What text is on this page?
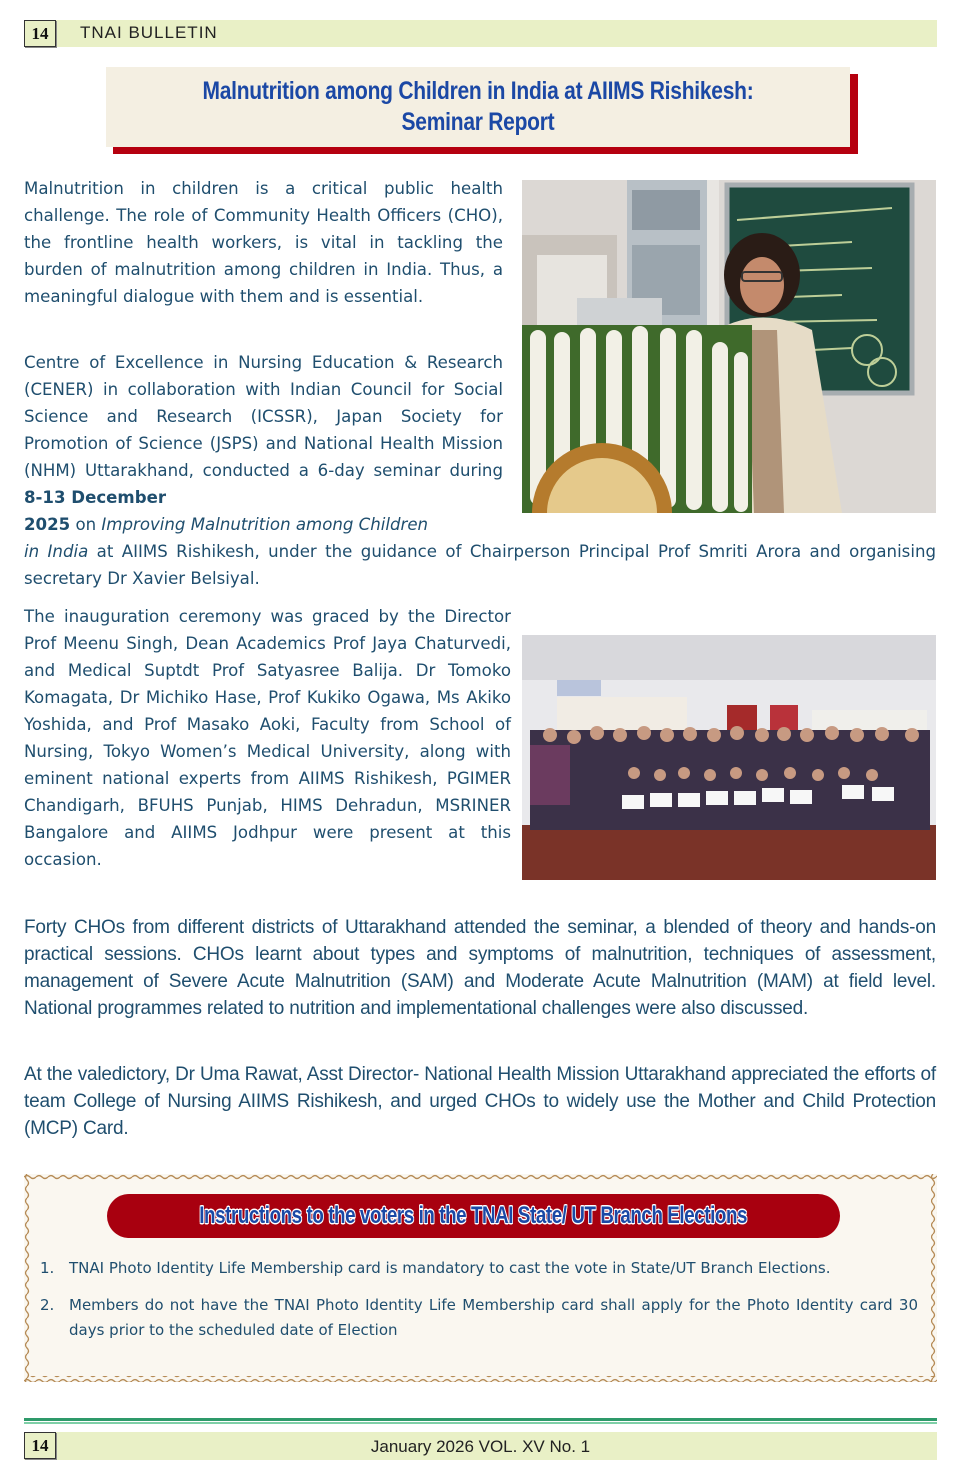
14	TNAI BULLETIN
Malnutrition among Children in India at AIIMS Rishikesh:
Seminar Report

Malnutrition in children is a critical public health challenge. The role of Community Health Officers (CHO), the frontline health workers, is vital in tackling the burden of malnutrition among children in India. Thus, a meaningful dialogue with them and is essential.

Centre of Excellence in Nursing Education & Research (CENER) in collaboration with Indian Council for Social Science and Research (ICSSR), Japan Society for Promotion of Science (JSPS) and National Health Mission (NHM) Uttarakhand, conducted a 6-day seminar during 8-13 December

2025 on Improving Malnutrition among Children

in India at AIIMS Rishikesh, under the guidance of Chairperson Principal Prof Smriti Arora and organising secretary Dr Xavier Belsiyal.

The inauguration ceremony was graced by the Director Prof Meenu Singh, Dean Academics Prof Jaya Chaturvedi, and Medical Suptdt Prof Satyasree Balija. Dr Tomoko Komagata, Dr Michiko Hase, Prof Kukiko Ogawa, Ms Akiko Yoshida, and Prof Masako Aoki, Faculty from School of Nursing, Tokyo Women’s Medical University, along with eminent national experts from AIIMS Rishikesh, PGIMER Chandigarh, BFUHS Punjab, HIMS Dehradun, MSRINER Bangalore and AIIMS Jodhpur were present at this occasion.

Forty CHOs from different districts of Uttarakhand attended the seminar, a blended of theory and hands-on practical sessions. CHOs learnt about types and symptoms of malnutrition, techniques of assessment, management of Severe Acute Malnutrition (SAM) and Moderate Acute Malnutrition (MAM) at field level. National programmes related to nutrition and implementational challenges were also discussed.

At the valedictory, Dr Uma Rawat, Asst Director- National Health Mission Uttarakhand appreciated the efforts of team College of Nursing AIIMS Rishikesh, and urged CHOs to widely use the Mother and Child Protection (MCP) Card.

Instructions to the voters in the TNAI State/ UT Branch Elections
1. TNAI Photo Identity Life Membership card is mandatory to cast the vote in State/UT Branch Elections.
2. Members do not have the TNAI Photo Identity Life Membership card shall apply for the Photo Identity card 30 days prior to the scheduled date of Election
14	January 2026 VOL. XV No. 1
